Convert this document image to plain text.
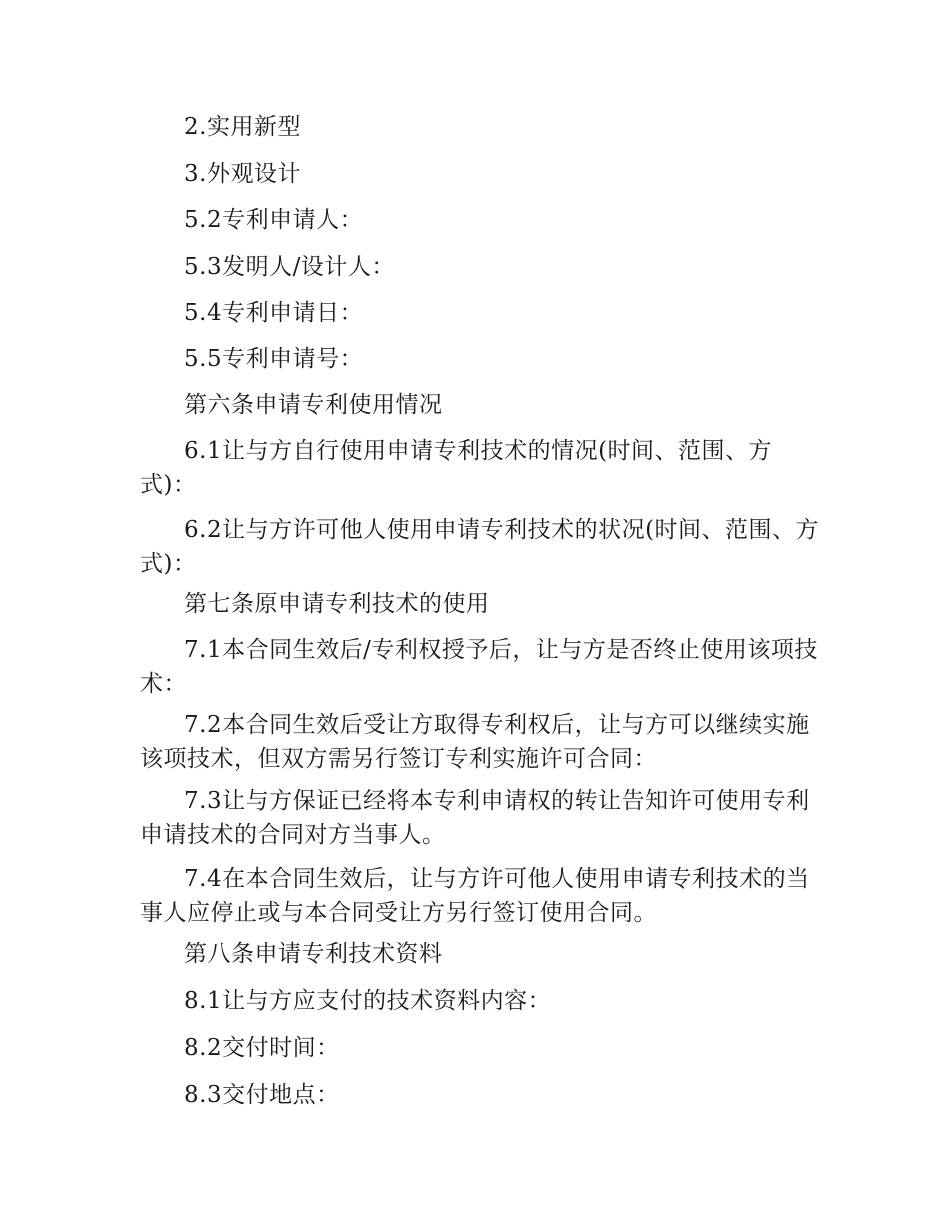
2.实用新型

3.外观设计

5.2专利申请人：

5.3发明人/设计人：

5.4专利申请日：

5.5专利申请号：

第六条申请专利使用情况

6.1让与方自行使用申请专利技术的情况(时间、范围、方式)：

6.2让与方许可他人使用申请专利技术的状况(时间、范围、方式)：

第七条原申请专利技术的使用

7.1本合同生效后/专利权授予后，让与方是否终止使用该项技术：

7.2本合同生效后受让方取得专利权后，让与方可以继续实施该项技术，但双方需另行签订专利实施许可合同：

7.3让与方保证已经将本专利申请权的转让告知许可使用专利申请技术的合同对方当事人。

7.4在本合同生效后，让与方许可他人使用申请专利技术的当事人应停止或与本合同受让方另行签订使用合同。

第八条申请专利技术资料

8.1让与方应支付的技术资料内容：

8.2交付时间：

8.3交付地点：
